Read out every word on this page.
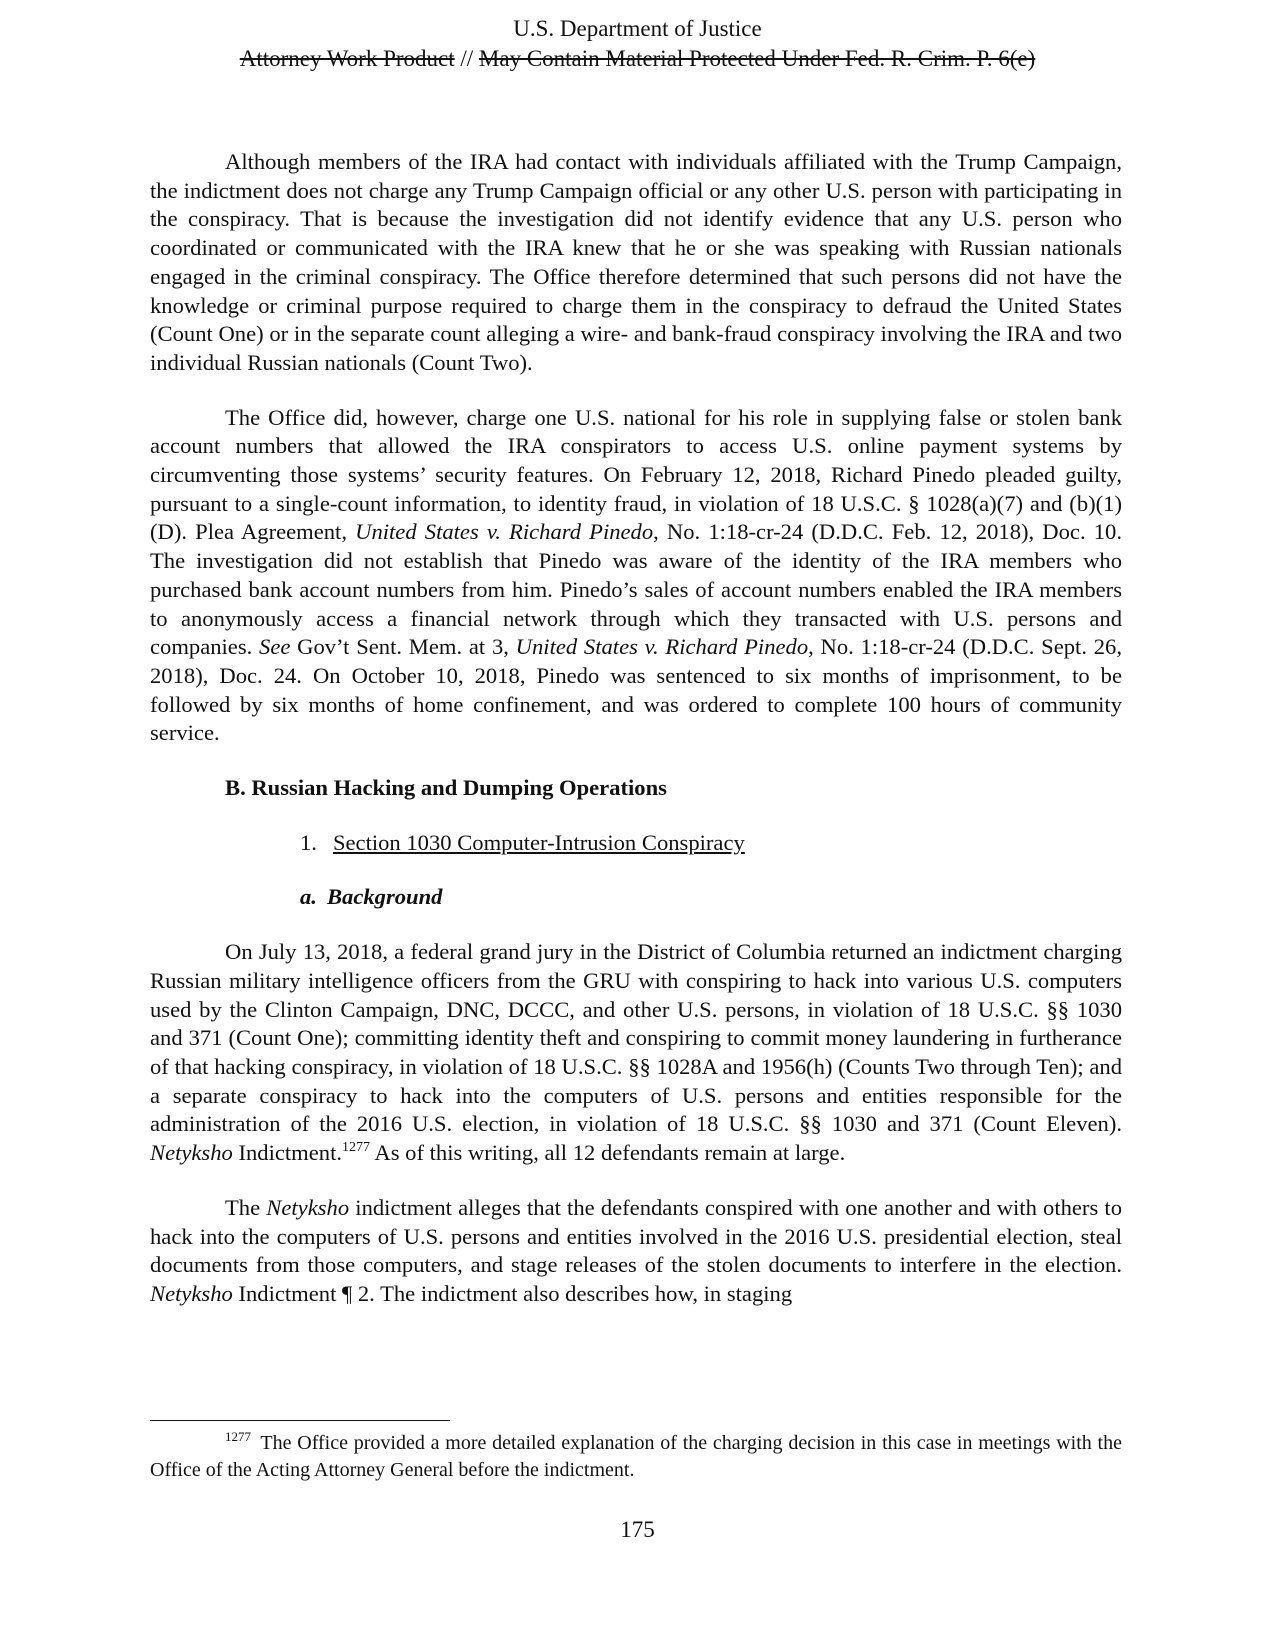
U.S. Department of Justice
Attorney Work Product // May Contain Material Protected Under Fed. R. Crim. P. 6(e)

Although members of the IRA had contact with individuals affiliated with the Trump Campaign, the indictment does not charge any Trump Campaign official or any other U.S. person with participating in the conspiracy. That is because the investigation did not identify evidence that any U.S. person who coordinated or communicated with the IRA knew that he or she was speaking with Russian nationals engaged in the criminal conspiracy. The Office therefore determined that such persons did not have the knowledge or criminal purpose required to charge them in the conspiracy to defraud the United States (Count One) or in the separate count alleging a wire- and bank-fraud conspiracy involving the IRA and two individual Russian nationals (Count Two).

The Office did, however, charge one U.S. national for his role in supplying false or stolen bank account numbers that allowed the IRA conspirators to access U.S. online payment systems by circumventing those systems’ security features. On February 12, 2018, Richard Pinedo pleaded guilty, pursuant to a single-count information, to identity fraud, in violation of 18 U.S.C. § 1028(a)(7) and (b)(1)(D). Plea Agreement, United States v. Richard Pinedo, No. 1:18-cr-24 (D.D.C. Feb. 12, 2018), Doc. 10. The investigation did not establish that Pinedo was aware of the identity of the IRA members who purchased bank account numbers from him. Pinedo’s sales of account numbers enabled the IRA members to anonymously access a financial network through which they transacted with U.S. persons and companies. See Gov’t Sent. Mem. at 3, United States v. Richard Pinedo, No. 1:18-cr-24 (D.D.C. Sept. 26, 2018), Doc. 24. On October 10, 2018, Pinedo was sentenced to six months of imprisonment, to be followed by six months of home confinement, and was ordered to complete 100 hours of community service.

B. Russian Hacking and Dumping Operations
1. Section 1030 Computer-Intrusion Conspiracy
a. Background

On July 13, 2018, a federal grand jury in the District of Columbia returned an indictment charging Russian military intelligence officers from the GRU with conspiring to hack into various U.S. computers used by the Clinton Campaign, DNC, DCCC, and other U.S. persons, in violation of 18 U.S.C. §§ 1030 and 371 (Count One); committing identity theft and conspiring to commit money laundering in furtherance of that hacking conspiracy, in violation of 18 U.S.C. §§ 1028A and 1956(h) (Counts Two through Ten); and a separate conspiracy to hack into the computers of U.S. persons and entities responsible for the administration of the 2016 U.S. election, in violation of 18 U.S.C. §§ 1030 and 371 (Count Eleven). Netyksho Indictment.$^{1277}$ As of this writing, all 12 defendants remain at large.

The Netyksho indictment alleges that the defendants conspired with one another and with others to hack into the computers of U.S. persons and entities involved in the 2016 U.S. presidential election, steal documents from those computers, and stage releases of the stolen documents to interfere in the election. Netyksho Indictment ¶ 2. The indictment also describes how, in staging

$^{1277}$ The Office provided a more detailed explanation of the charging decision in this case in meetings with the Office of the Acting Attorney General before the indictment.

175
